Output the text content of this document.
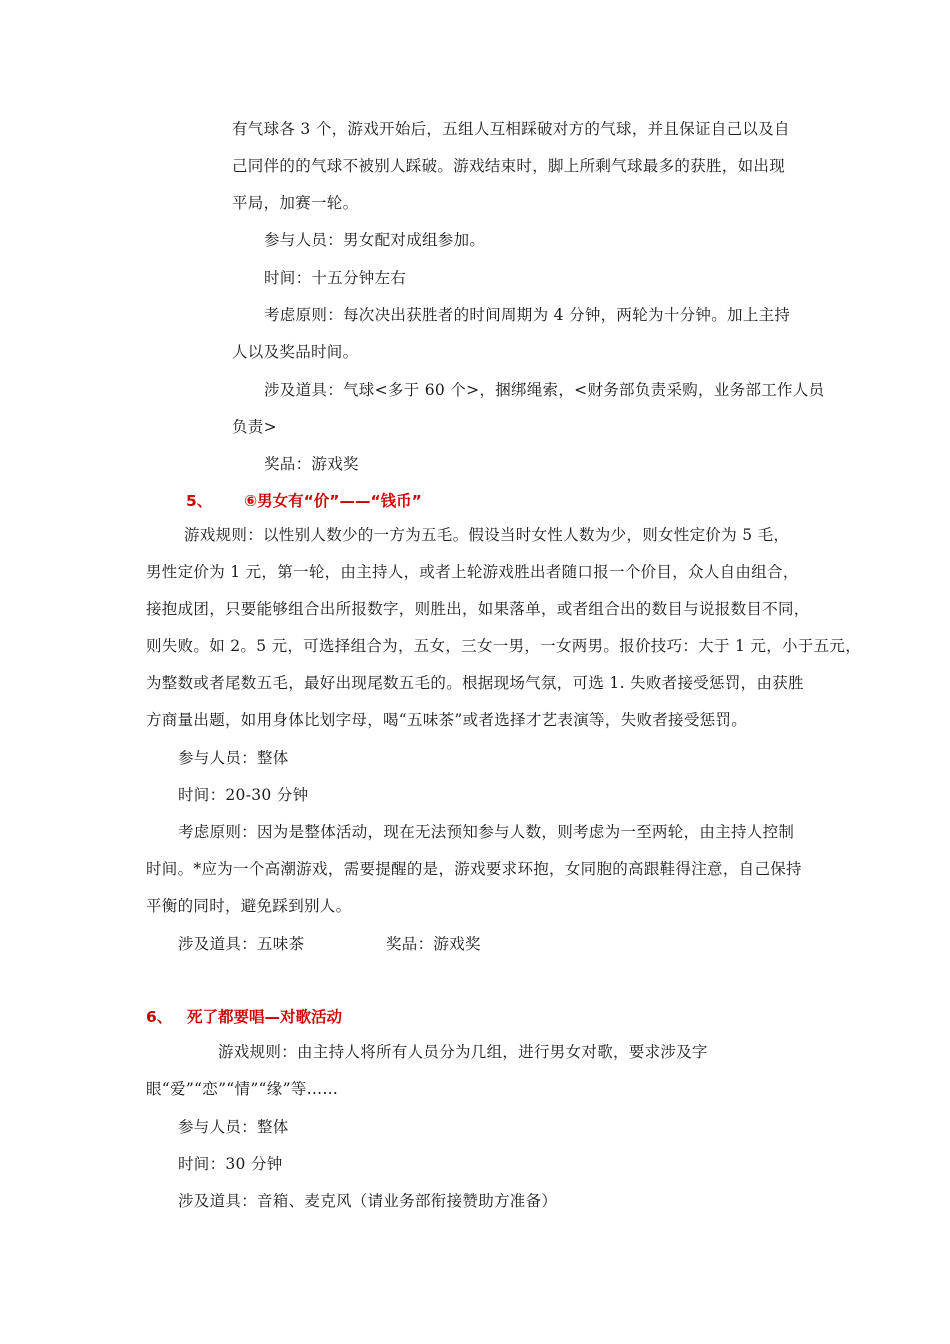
有气球各 3 个，游戏开始后，五组人互相踩破对方的气球，并且保证自己以及自
己同伴的的气球不被别人踩破。游戏结束时，脚上所剩气球最多的获胜，如出现
平局，加赛一轮。
参与人员：男女配对成组参加。
时间：十五分钟左右
考虑原则：每次决出获胜者的时间周期为 4 分钟，两轮为十分钟。加上主持
人以及奖品时间。
涉及道具：气球<多于 60 个>，捆绑绳索，<财务部负责采购，业务部工作人员
负责>
奖品：游戏奖
5、 ⑥男女有“价”——“钱币”
游戏规则：以性别人数少的一方为五毛。假设当时女性人数为少，则女性定价为 5 毛，
男性定价为 1 元，第一轮，由主持人，或者上轮游戏胜出者随口报一个价目，众人自由组合，
接抱成团，只要能够组合出所报数字，则胜出，如果落单，或者组合出的数目与说报数目不同，
则失败。如 2。5 元，可选择组合为，五女，三女一男，一女两男。报价技巧：大于 1 元，小于五元，
为整数或者尾数五毛，最好出现尾数五毛的。根据现场气氛，可选 1. 失败者接受惩罚，由获胜
方商量出题，如用身体比划字母，喝“五味茶”或者选择才艺表演等，失败者接受惩罚。
参与人员：整体
时间：20-30 分钟
考虑原则：因为是整体活动，现在无法预知参与人数，则考虑为一至两轮，由主持人控制
时间。*应为一个高潮游戏，需要提醒的是，游戏要求环抱，女同胞的高跟鞋得注意，自己保持
平衡的同时，避免踩到别人。
涉及道具：五味茶	奖品：游戏奖
6、 死了都要唱—对歌活动
游戏规则：由主持人将所有人员分为几组，进行男女对歌，要求涉及字
眼“爱”“恋”“情”“缘”等……
参与人员：整体
时间：30 分钟
涉及道具：音箱、麦克风（请业务部衔接赞助方准备）
